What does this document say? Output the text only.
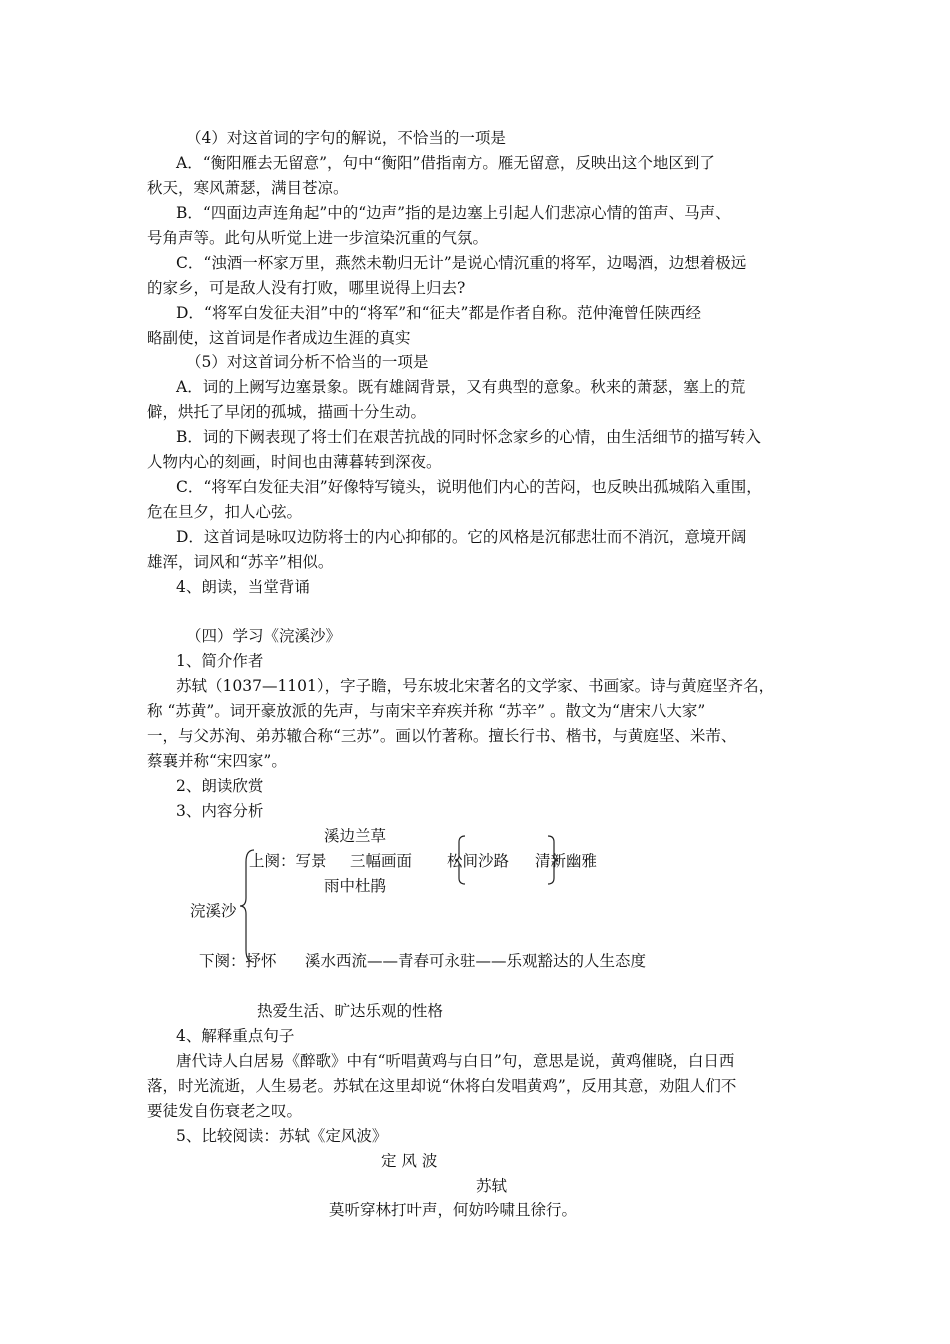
（4）对这首词的字句的解说，不恰当的一项是
A．“衡阳雁去无留意”，句中“衡阳”借指南方。雁无留意，反映出这个地区到了
秋天，寒风萧瑟，满目苍凉。
B．“四面边声连角起”中的“边声”指的是边塞上引起人们悲凉心情的笛声、马声、
号角声等。此句从听觉上进一步渲染沉重的气氛。
C．“浊酒一杯家万里，燕然未勒归无计”是说心情沉重的将军，边喝酒，边想着极远
的家乡，可是敌人没有打败，哪里说得上归去?
D．“将军白发征夫泪”中的“将军”和“征夫”都是作者自称。范仲淹曾任陕西经
略副使，这首词是作者成边生涯的真实
（5）对这首词分析不恰当的一项是
A．词的上阙写边塞景象。既有雄阔背景，又有典型的意象。秋来的萧瑟，塞上的荒
僻，烘托了早闭的孤城，描画十分生动。
B．词的下阙表现了将士们在艰苦抗战的同时怀念家乡的心情，由生活细节的描写转入
人物内心的刻画，时间也由薄暮转到深夜。
C．“将军白发征夫泪”好像特写镜头，说明他们内心的苦闷，也反映出孤城陷入重围，
危在旦夕，扣人心弦。
D．这首词是咏叹边防将士的内心抑郁的。它的风格是沉郁悲壮而不消沉，意境开阔
雄浑，词风和“苏辛”相似。
4、朗读，当堂背诵
（四）学习《浣溪沙》
1、简介作者
苏轼（1037—1101），字子瞻，号东坡北宋著名的文学家、书画家。诗与黄庭坚齐名，
称 “苏黄”。词开豪放派的先声，与南宋辛弃疾并称 “苏辛” 。散文为“唐宋八大家”
一，与父苏洵、弟苏辙合称“三苏”。画以竹著称。擅长行书、楷书，与黄庭坚、米芾、
蔡襄并称“宋四家”。
2、朗读欣赏
3、内容分析
溪边兰草
上阕：写景 三幅画面 松间沙路 清新幽雅
雨中杜鹃
浣溪沙
下阕：抒怀 溪水西流——青春可永驻——乐观豁达的人生态度
热爱生活、旷达乐观的性格
4、解释重点句子
唐代诗人白居易《醉歌》中有“听唱黄鸡与白日”句，意思是说，黄鸡催晓，白日西
落，时光流逝，人生易老。苏轼在这里却说“休将白发唱黄鸡”，反用其意，劝阻人们不
要徒发自伤衰老之叹。
5、比较阅读：苏轼《定风波》
定 风 波
苏轼
莫听穿林打叶声，何妨吟啸且徐行。
